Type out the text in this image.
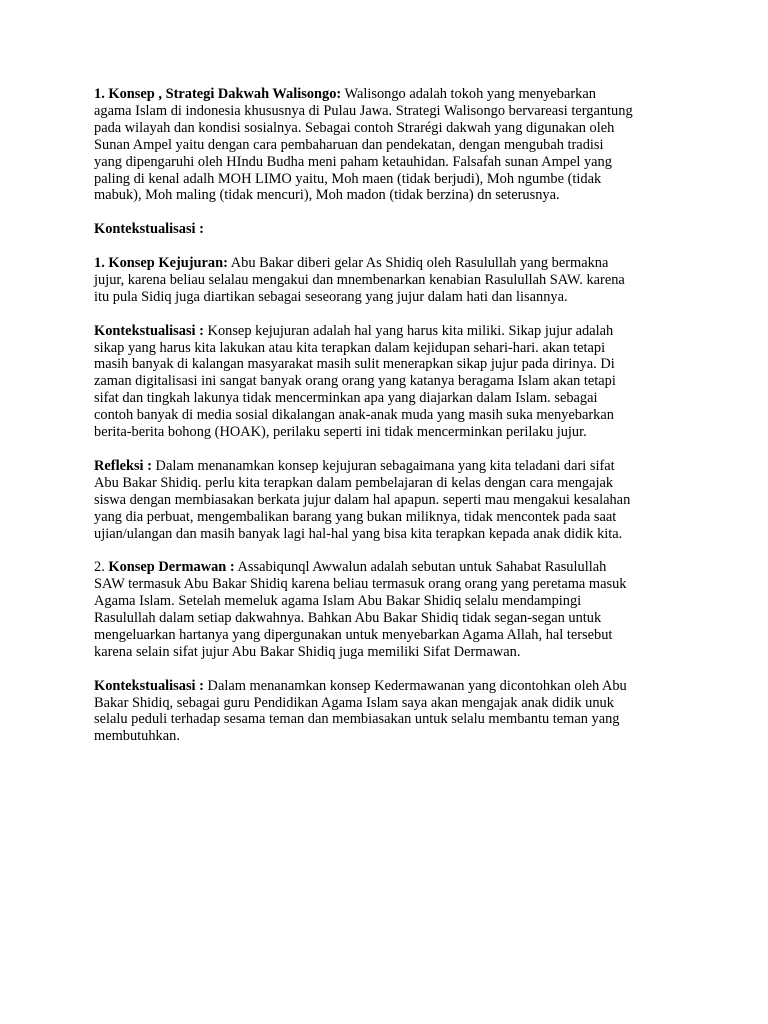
1. Konsep , Strategi Dakwah Walisongo: Walisongo adalah tokoh yang menyebarkan
agama Islam di indonesia khususnya di Pulau Jawa. Strategi Walisongo bervareasi tergantung
pada wilayah dan kondisi sosialnya. Sebagai contoh Strarégi dakwah yang digunakan oleh
Sunan Ampel yaitu dengan cara pembaharuan dan pendekatan, dengan mengubah tradisi
yang dipengaruhi oleh HIndu Budha meni paham ketauhidan. Falsafah sunan Ampel yang
paling di kenal adalh MOH LIMO yaitu, Moh maen (tidak berjudi), Moh ngumbe (tidak
mabuk), Moh maling (tidak mencuri), Moh madon (tidak berzina) dn seterusnya.

Kontekstualisasi :

1. Konsep Kejujuran: Abu Bakar diberi gelar As Shidiq oleh Rasulullah yang bermakna
jujur, karena beliau selalau mengakui dan mnembenarkan kenabian Rasulullah SAW. karena
itu pula Sidiq juga diartikan sebagai seseorang yang jujur dalam hati dan lisannya.

Kontekstualisasi : Konsep kejujuran adalah hal yang harus kita miliki. Sikap jujur adalah
sikap yang harus kita lakukan atau kita terapkan dalam kejidupan sehari-hari. akan tetapi
masih banyak di kalangan masyarakat masih sulit menerapkan sikap jujur pada dirinya. Di
zaman digitalisasi ini sangat banyak orang orang yang katanya beragama Islam akan tetapi
sifat dan tingkah lakunya tidak mencerminkan apa yang diajarkan dalam Islam. sebagai
contoh banyak di media sosial dikalangan anak-anak muda yang masih suka menyebarkan
berita-berita bohong (HOAK), perilaku seperti ini tidak mencerminkan perilaku jujur.

Refleksi : Dalam menanamkan konsep kejujuran sebagaimana yang kita teladani dari sifat
Abu Bakar Shidiq. perlu kita terapkan dalam pembelajaran di kelas dengan cara mengajak
siswa dengan membiasakan berkata jujur dalam hal apapun. seperti mau mengakui kesalahan
yang dia perbuat, mengembalikan barang yang bukan miliknya, tidak mencontek pada saat
ujian/ulangan dan masih banyak lagi hal-hal yang bisa kita terapkan kepada anak didik kita.

2. Konsep Dermawan : Assabiqunql Awwalun adalah sebutan untuk Sahabat Rasulullah
SAW termasuk Abu Bakar Shidiq karena beliau termasuk orang orang yang peretama masuk
Agama Islam. Setelah memeluk agama Islam Abu Bakar Shidiq selalu mendampingi
Rasulullah dalam setiap dakwahnya. Bahkan Abu Bakar Shidiq tidak segan-segan untuk
mengeluarkan hartanya yang dipergunakan untuk menyebarkan Agama Allah, hal tersebut
karena selain sifat jujur Abu Bakar Shidiq juga memiliki Sifat Dermawan.

Kontekstualisasi : Dalam menanamkan konsep Kedermawanan yang dicontohkan oleh Abu
Bakar Shidiq, sebagai guru Pendidikan Agama Islam saya akan mengajak anak didik unuk
selalu peduli terhadap sesama teman dan membiasakan untuk selalu membantu teman yang
membutuhkan.
